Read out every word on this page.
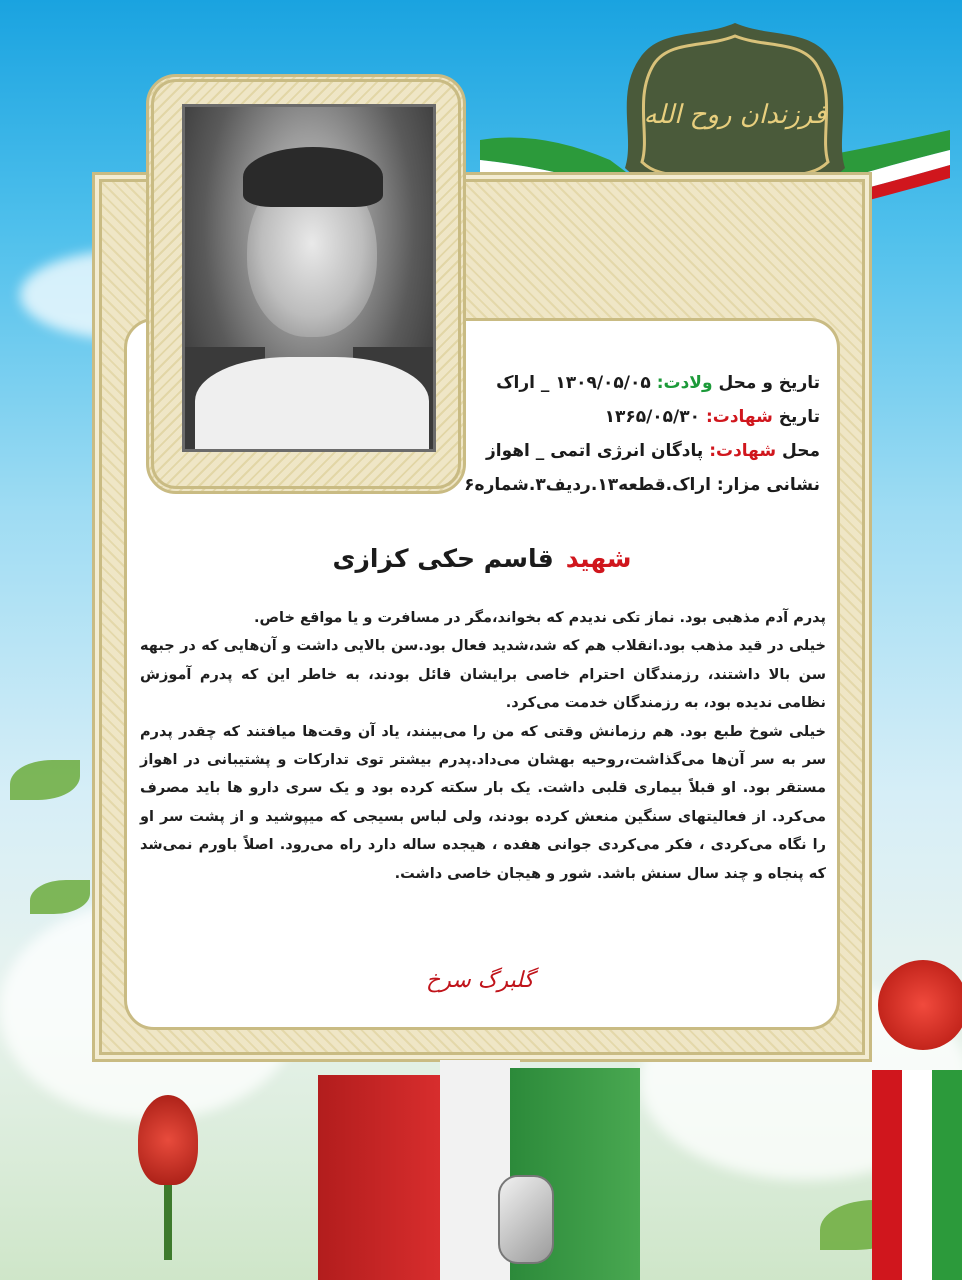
فرزندان روح الله
تاریخ و محل ولادت: ۱۳۰۹/۰۵/۰۵ _ اراک
تاریخ شهادت: ۱۳۶۵/۰۵/۳۰
محل شهادت: پادگان انرژی اتمی _ اهواز
نشانی مزار: اراک.قطعه۱۳.ردیف۳.شماره۶
شهیدقاسم حکی کزازی

پدرم آدم مذهبی بود. نماز تکی ندیدم که بخواند،مگر در مسافرت و یا مواقع خاص.

خیلی در قید مذهب بود.انقلاب هم که شد،شدید فعال بود.سن بالایی داشت و آن‌هایی که در جبهه سن بالا داشتند، رزمندگان احترام خاصی برایشان قائل بودند، به خاطر این که پدرم آموزش نظامی ندیده بود، به رزمندگان خدمت می‌کرد.

خیلی شوخ طبع بود. هم رزمانش وقتی که من را می‌بینند، یاد آن وقت‌ها میافتند که چقدر پدرم سر به سر آن‌ها می‌گذاشت،روحیه بهشان می‌داد.پدرم بیشتر توی تدارکات و پشتیبانی در اهواز مستقر بود. او قبلاً بیماری قلبی داشت. یک بار سکته کرده بود و یک سری دارو ها باید مصرف می‌کرد. از فعالیتهای سنگین منعش کرده بودند، ولی لباس بسیجی که میپوشید و از پشت سر او را نگاه می‌کردی ، فکر می‌کردی جوانی هفده ، هیجده ساله دارد راه می‌رود. اصلاً باورم نمی‌شد که پنجاه و چند سال سنش باشد. شور و هیجان خاصی داشت.

گلبرگ سرخ
